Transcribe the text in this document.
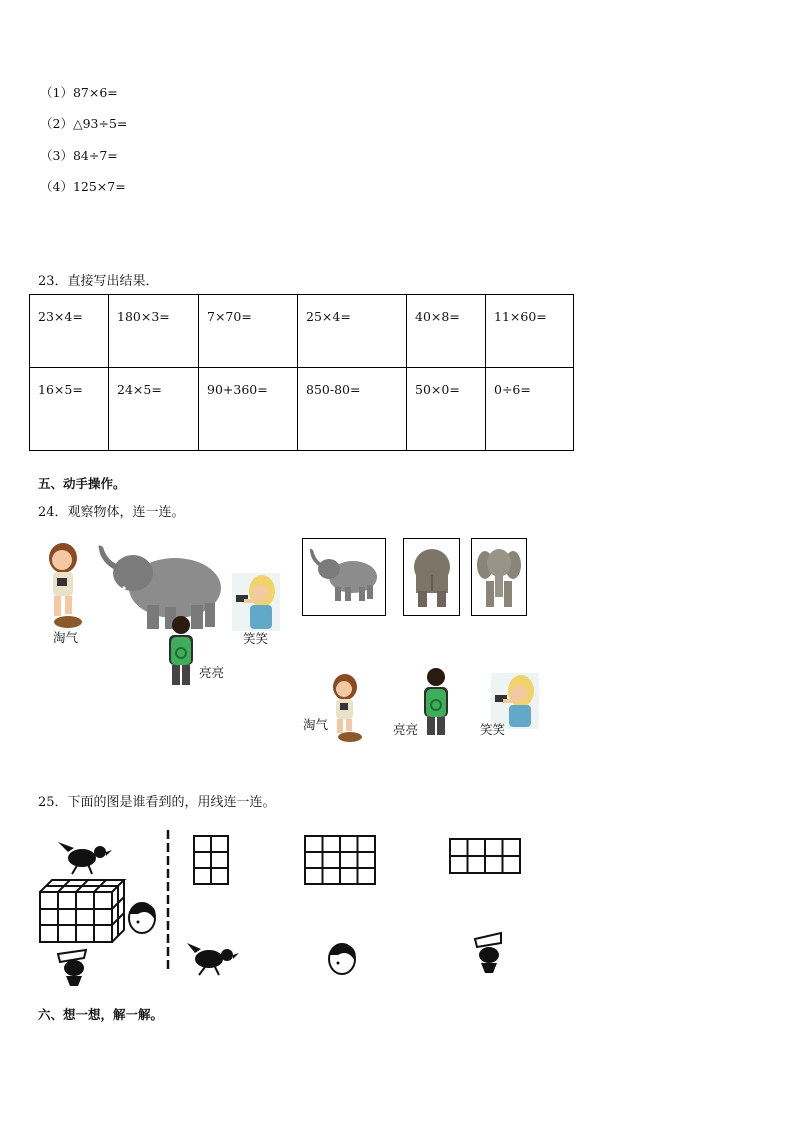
（1）87×6=
（2）△93÷5=
（3）84÷7=
（4）125×7=
23．直接写出结果．
23×4=	180×3=	7×70=	25×4=	40×8=	11×60=
16×5=	24×5=	90+360=	850-80=	50×0=	0÷6=
五、动手操作。
24．观察物体，连一连。
淘气
亮亮
笑笑
淘气	亮亮	笑笑
25．下面的图是谁看到的，用线连一连。
六、想一想，解一解。
